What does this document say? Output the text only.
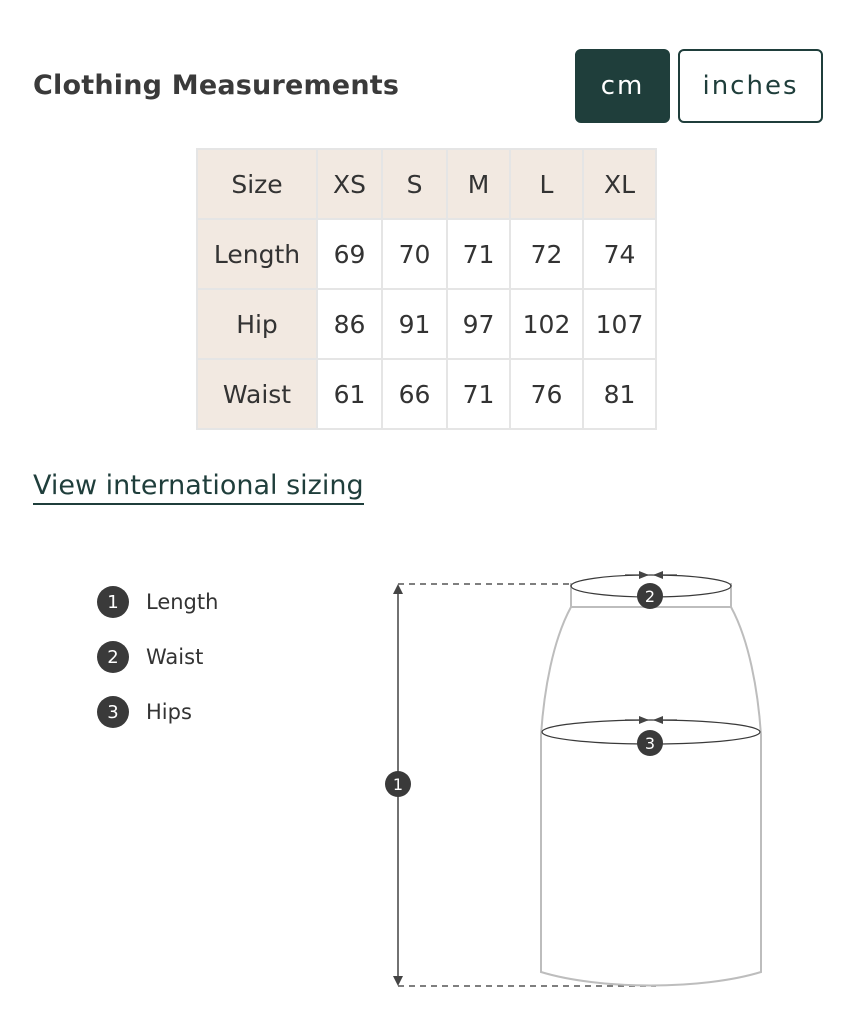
Clothing Measurements	cm	inches
Size	XS	S	M	L	XL
Length	69	70	71	72	74
Hip	86	91	97	102	107
Waist	61	66	71	76	81
View international sizing
1	Length
2	Waist
3	Hips
2
3
1
